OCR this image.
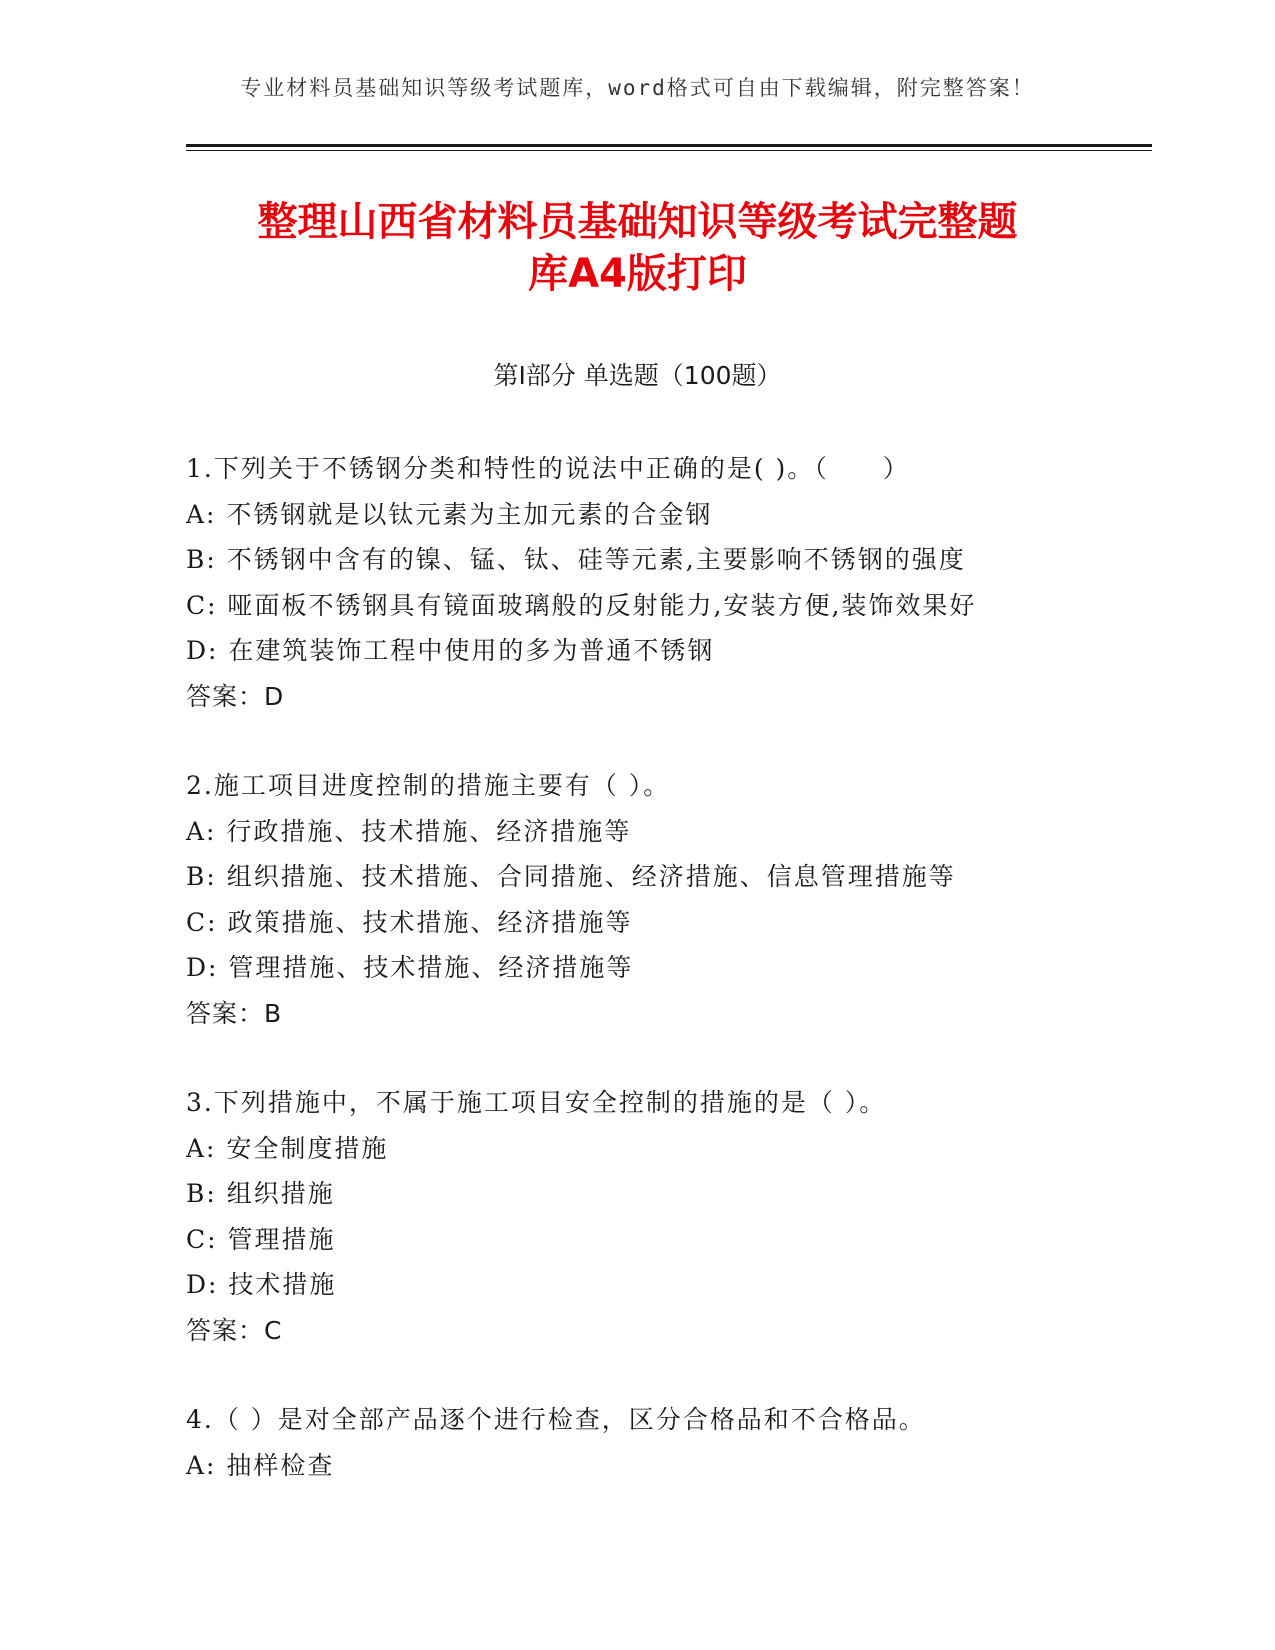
专业材料员基础知识等级考试题库，word格式可自由下载编辑，附完整答案！
整理山西省材料员基础知识等级考试完整题
库A4版打印
第Ⅰ部分 单选题（100题）
1.下列关于不锈钢分类和特性的说法中正确的是( )。（　　）
A: 不锈钢就是以钛元素为主加元素的合金钢
B: 不锈钢中含有的镍、锰、钛、硅等元素,主要影响不锈钢的强度
C: 哑面板不锈钢具有镜面玻璃般的反射能力,安装方便,装饰效果好
D: 在建筑装饰工程中使用的多为普通不锈钢
答案：D
2.施工项目进度控制的措施主要有（ ）。
A: 行政措施、技术措施、经济措施等
B: 组织措施、技术措施、合同措施、经济措施、信息管理措施等
C: 政策措施、技术措施、经济措施等
D: 管理措施、技术措施、经济措施等
答案：B
3.下列措施中，不属于施工项目安全控制的措施的是（ ）。
A: 安全制度措施
B: 组织措施
C: 管理措施
D: 技术措施
答案：C
4.（ ）是对全部产品逐个进行检查，区分合格品和不合格品。
A: 抽样检查
